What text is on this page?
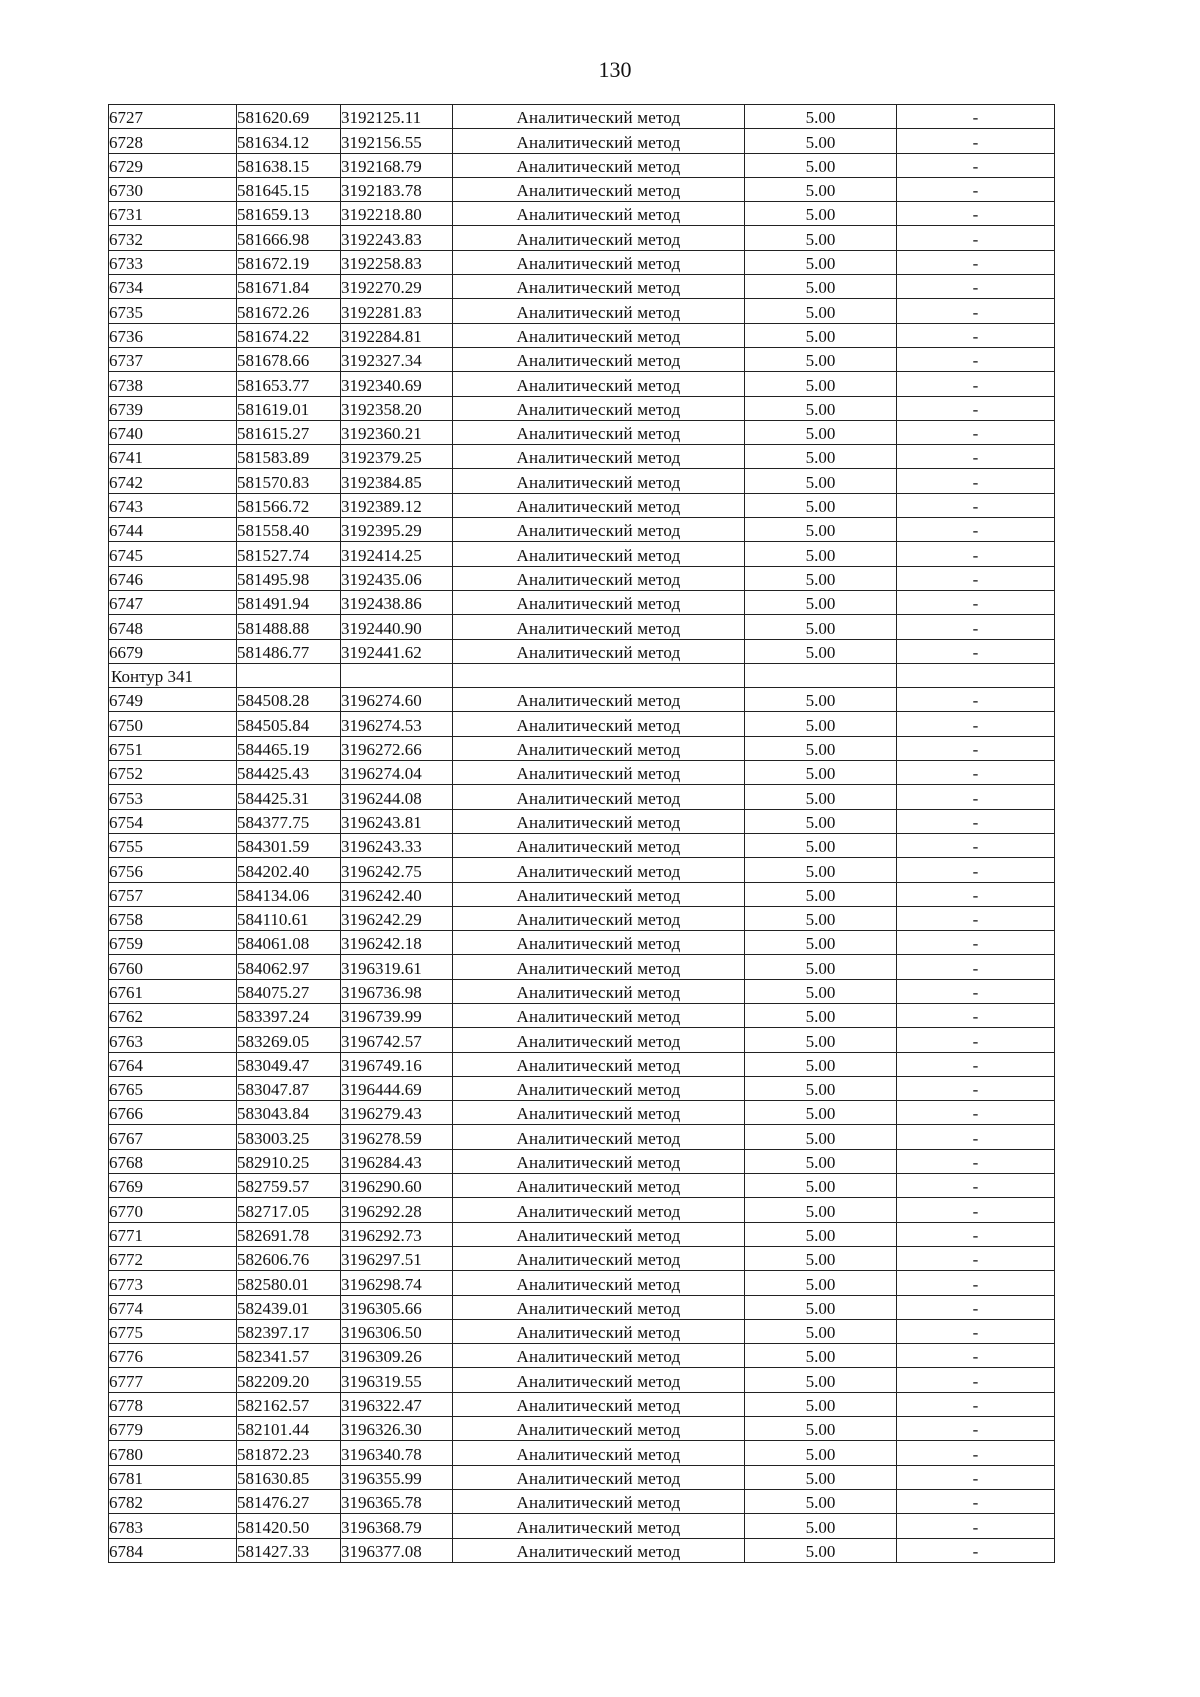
130
6727	581620.69	3192125.11	Аналитический метод	5.00	-
6728	581634.12	3192156.55	Аналитический метод	5.00	-
6729	581638.15	3192168.79	Аналитический метод	5.00	-
6730	581645.15	3192183.78	Аналитический метод	5.00	-
6731	581659.13	3192218.80	Аналитический метод	5.00	-
6732	581666.98	3192243.83	Аналитический метод	5.00	-
6733	581672.19	3192258.83	Аналитический метод	5.00	-
6734	581671.84	3192270.29	Аналитический метод	5.00	-
6735	581672.26	3192281.83	Аналитический метод	5.00	-
6736	581674.22	3192284.81	Аналитический метод	5.00	-
6737	581678.66	3192327.34	Аналитический метод	5.00	-
6738	581653.77	3192340.69	Аналитический метод	5.00	-
6739	581619.01	3192358.20	Аналитический метод	5.00	-
6740	581615.27	3192360.21	Аналитический метод	5.00	-
6741	581583.89	3192379.25	Аналитический метод	5.00	-
6742	581570.83	3192384.85	Аналитический метод	5.00	-
6743	581566.72	3192389.12	Аналитический метод	5.00	-
6744	581558.40	3192395.29	Аналитический метод	5.00	-
6745	581527.74	3192414.25	Аналитический метод	5.00	-
6746	581495.98	3192435.06	Аналитический метод	5.00	-
6747	581491.94	3192438.86	Аналитический метод	5.00	-
6748	581488.88	3192440.90	Аналитический метод	5.00	-
6679	581486.77	3192441.62	Аналитический метод	5.00	-
Контур 341					
6749	584508.28	3196274.60	Аналитический метод	5.00	-
6750	584505.84	3196274.53	Аналитический метод	5.00	-
6751	584465.19	3196272.66	Аналитический метод	5.00	-
6752	584425.43	3196274.04	Аналитический метод	5.00	-
6753	584425.31	3196244.08	Аналитический метод	5.00	-
6754	584377.75	3196243.81	Аналитический метод	5.00	-
6755	584301.59	3196243.33	Аналитический метод	5.00	-
6756	584202.40	3196242.75	Аналитический метод	5.00	-
6757	584134.06	3196242.40	Аналитический метод	5.00	-
6758	584110.61	3196242.29	Аналитический метод	5.00	-
6759	584061.08	3196242.18	Аналитический метод	5.00	-
6760	584062.97	3196319.61	Аналитический метод	5.00	-
6761	584075.27	3196736.98	Аналитический метод	5.00	-
6762	583397.24	3196739.99	Аналитический метод	5.00	-
6763	583269.05	3196742.57	Аналитический метод	5.00	-
6764	583049.47	3196749.16	Аналитический метод	5.00	-
6765	583047.87	3196444.69	Аналитический метод	5.00	-
6766	583043.84	3196279.43	Аналитический метод	5.00	-
6767	583003.25	3196278.59	Аналитический метод	5.00	-
6768	582910.25	3196284.43	Аналитический метод	5.00	-
6769	582759.57	3196290.60	Аналитический метод	5.00	-
6770	582717.05	3196292.28	Аналитический метод	5.00	-
6771	582691.78	3196292.73	Аналитический метод	5.00	-
6772	582606.76	3196297.51	Аналитический метод	5.00	-
6773	582580.01	3196298.74	Аналитический метод	5.00	-
6774	582439.01	3196305.66	Аналитический метод	5.00	-
6775	582397.17	3196306.50	Аналитический метод	5.00	-
6776	582341.57	3196309.26	Аналитический метод	5.00	-
6777	582209.20	3196319.55	Аналитический метод	5.00	-
6778	582162.57	3196322.47	Аналитический метод	5.00	-
6779	582101.44	3196326.30	Аналитический метод	5.00	-
6780	581872.23	3196340.78	Аналитический метод	5.00	-
6781	581630.85	3196355.99	Аналитический метод	5.00	-
6782	581476.27	3196365.78	Аналитический метод	5.00	-
6783	581420.50	3196368.79	Аналитический метод	5.00	-
6784	581427.33	3196377.08	Аналитический метод	5.00	-
